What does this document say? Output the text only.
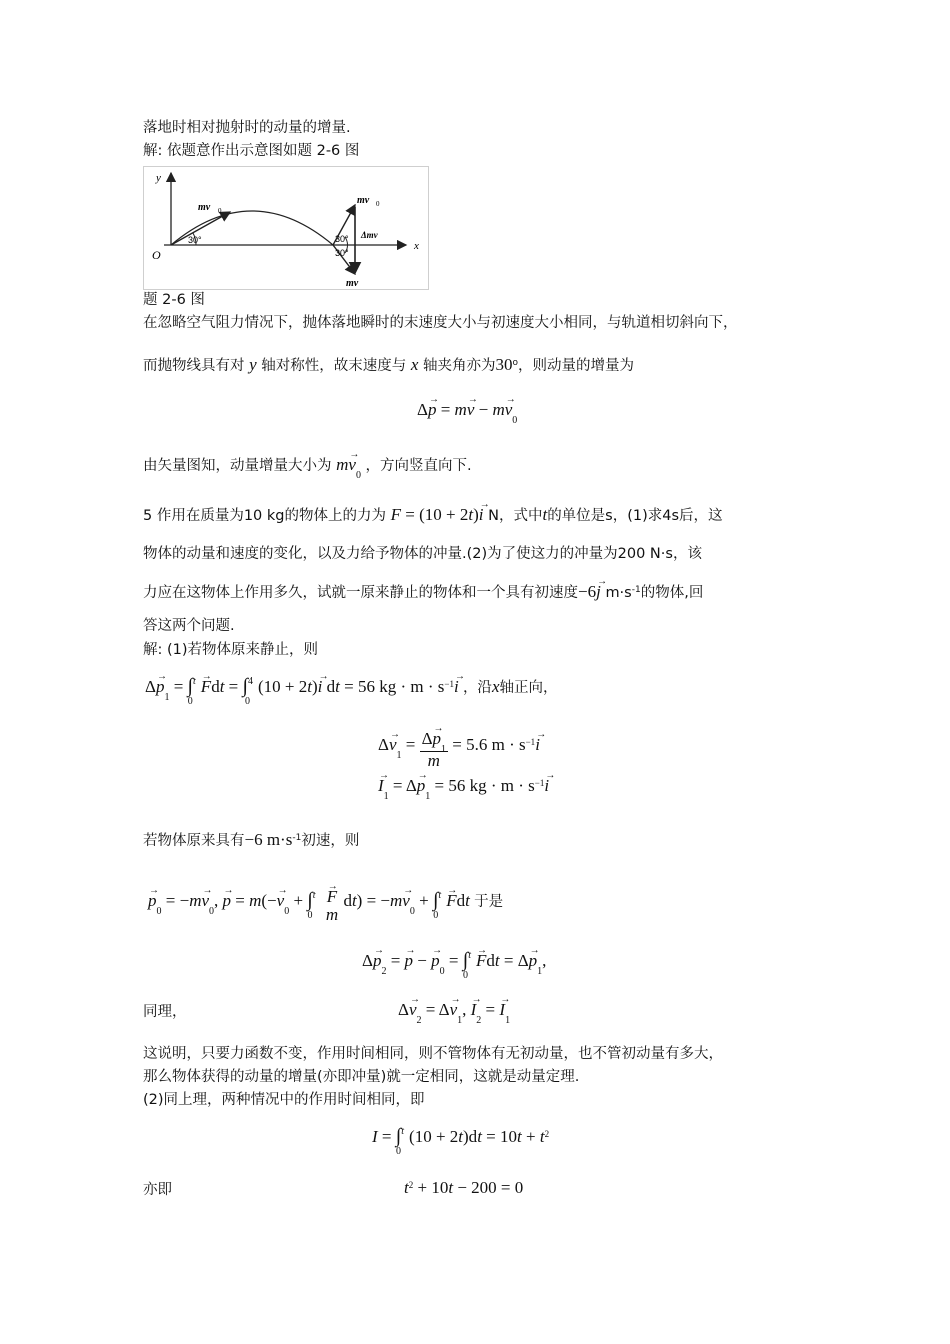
落地时相对抛射时的动量的增量.
解: 依题意作出示意图如题 2-6 图
y
x
O
mv 0
30°
mv 0
Δmv
30°
30°
mv
题 2-6 图
在忽略空气阻力情况下，抛体落地瞬时的末速度大小与初速度大小相同，与轨道相切斜向下，
而抛物线具有对 y 轴对称性，故末速度与 x 轴夹角亦为30$^o$，则动量的增量为
$\Delta\to p = m\to v - m\to v_0$
由矢量图知，动量增量大小为 $m\to v_0$ ，方向竖直向下.
5 作用在质量为10 kg的物体上的力为 F = (10 + 2t)→ i N，式中t的单位是s，(1)求4s后，这
物体的动量和速度的变化，以及力给予物体的冲量.(2)为了使这力的冲量为200 N·s，该
力应在这物体上作用多久，试就一原来静止的物体和一个具有初速度−6→ j $m\cdot s^{-1}$的物体,回
答这两个问题.
解: (1)若物体原来静止，则
$\Delta\to p_1 = \int^t_0\to$ Fdt = ∫$^4_0$(10 + 2t)→ i dt = 56 kg · $m \cdot s^{-1}\to i$ ，沿x轴正向，
$\Delta\to v_1 = \frac{\Delta\to p_1}{m} = 5.6$ $m \cdot s^{-1}\to i$
→ $I_1 = \Delta\to p_1 = 56$ kg · $m \cdot s^{-1}\to i$
若物体原来具有−6 $m\cdot s^{-1}$初速，则
→ $p_0 = -m\to v_0$, → $p = m(-\to v_0 + \int^t_0$
→ F
m
$dt) = -m\to v_0 + \int^t_0\to$ Fdt 于是
$\Delta\to p_2$ = → p − → $p_0 = \int^t_0\to$ Fdt = $\Delta\to p_1$,
同理，	$\Delta\to v_2 = \Delta\to v_1$, → $I_2$ = → $I_1$
这说明，只要力函数不变，作用时间相同，则不管物体有无初动量，也不管初动量有多大，
那么物体获得的动量的增量(亦即冲量)就一定相同，这就是动量定理.
(2)同上理，两种情况中的作用时间相同，即
$I = \int^t_0(10 + 2t)dt = 10t + t^2$
亦即	$t^2 + 10t - 200 = 0$
